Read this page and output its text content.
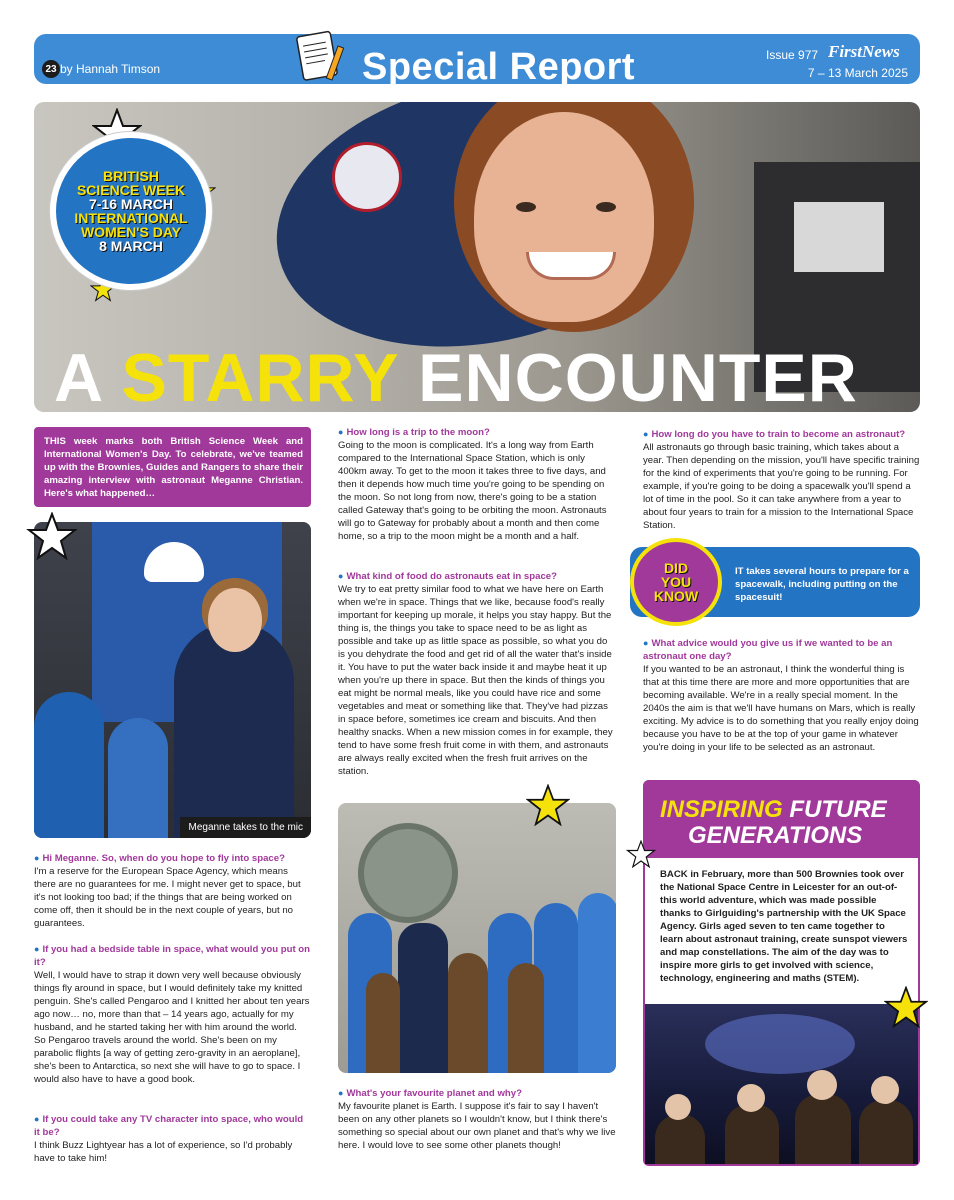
23 by Hannah Timson	Special Report	Issue 977 FirstNews
7 – 13 March 2025
A STARRY ENCOUNTER
BRITISH
SCIENCE WEEK
7-16 MARCH
INTERNATIONAL
WOMEN'S DAY
8 MARCH
THIS week marks both British Science Week and International Women's Day. To celebrate, we've teamed up with the Brownies, Guides and Rangers to share their amazing interview with astronaut Meganne Christian. Here's what happened…
Meganne takes to the mic
● Hi Meganne. So, when do you hope to fly into space?
I'm a reserve for the European Space Agency, which means there are no guarantees for me. I might never get to space, but it's not looking too bad; if the things that are being worked on come off, then it should be in the next couple of years, but no guarantees.
● If you had a bedside table in space, what would you put on it?
Well, I would have to strap it down very well because obviously things fly around in space, but I would definitely take my knitted penguin. She's called Pengaroo and I knitted her about ten years ago now… no, more than that – 14 years ago, actually for my husband, and he started taking her with him around the world. So Pengaroo travels around the world. She's been on my parabolic flights [a way of getting zero-gravity in an aeroplane], she's been to Antarctica, so next she will have to go to space. I would also have to have a good book.
● If you could take any TV character into space, who would it be?
I think Buzz Lightyear has a lot of experience, so I'd probably have to take him!
● How long is a trip to the moon?
Going to the moon is complicated. It's a long way from Earth compared to the International Space Station, which is only 400km away. To get to the moon it takes three to five days, and then it depends how much time you're going to be spending on the moon. So not long from now, there's going to be a station called Gateway that's going to be orbiting the moon. Astronauts will go to Gateway for probably about a month and then come home, so a trip to the moon might be a month and a half.
● What kind of food do astronauts eat in space?
We try to eat pretty similar food to what we have here on Earth when we're in space. Things that we like, because food's really important for keeping up morale, it helps you stay happy. But the thing is, the things you take to space need to be as light as possible and take up as little space as possible, so what you do is you dehydrate the food and get rid of all the water that's inside it. You have to put the water back inside it and maybe heat it up when you're up there in space. But then the kinds of things you eat might be normal meals, like you could have rice and some vegetables and meat or something like that. They've had pizzas in space before, sometimes ice cream and biscuits. And then healthy snacks. When a new mission comes in for example, they tend to have some fresh fruit come in with them, and astronauts are always really excited when the fresh fruit arrives on the station.
● What's your favourite planet and why?
My favourite planet is Earth. I suppose it's fair to say I haven't been on any other planets so I wouldn't know, but I think there's something so special about our own planet and that's why we live here. I would love to see some other planets though!
● How long do you have to train to become an astronaut?
All astronauts go through basic training, which takes about a year. Then depending on the mission, you'll have specific training for the kind of experiments that you're going to be running. For example, if you're going to be doing a spacewalk you'll spend a lot of time in the pool. So it can take anywhere from a year to about four years to train for a mission to the International Space Station.
DID
YOU
KNOW
IT takes several hours to prepare for a spacewalk, including putting on the spacesuit!
● What advice would you give us if we wanted to be an astronaut one day?
If you wanted to be an astronaut, I think the wonderful thing is that at this time there are more and more opportunities that are becoming available. We're in a really special moment. In the 2040s the aim is that we'll have humans on Mars, which is really exciting. My advice is to do something that you really enjoy doing because you have to be at the top of your game in whatever you're doing in your life to be selected as an astronaut.
INSPIRING FUTURE
GENERATIONS
BACK in February, more than 500 Brownies took over the National Space Centre in Leicester for an out-of-this world adventure, which was made possible thanks to Girlguiding's partnership with the UK Space Agency. Girls aged seven to ten came together to learn about astronaut training, create sunspot viewers and map constellations. The aim of the day was to inspire more girls to get involved with science, technology, engineering and maths (STEM).
